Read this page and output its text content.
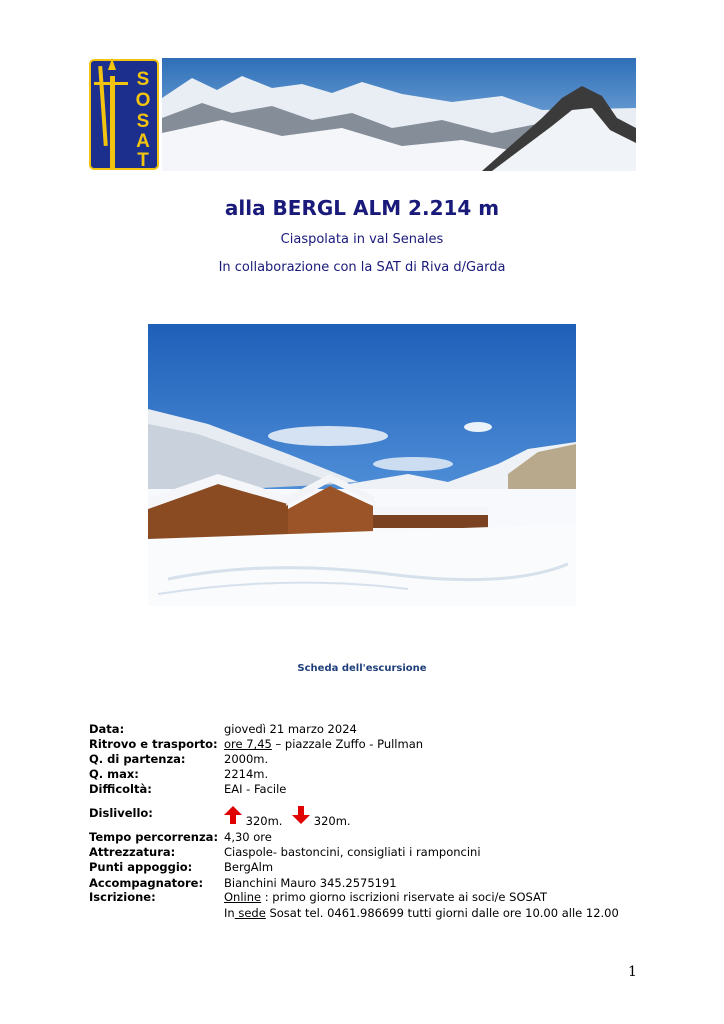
S
O
S
A
T
alla BERGL ALM 2.214 m
Ciaspolata in val Senales
In collaborazione con la SAT di Riva d/Garda
Scheda dell'escursione
Data:	giovedì 21 marzo 2024
Ritrovo e trasporto: ore 7,45 – piazzale Zuffo - Pullman
Q. di partenza:	2000m.
Q. max:	2214m.
Difficoltà:	EAI - Facile
Dislivello:
320m.	320m.
Tempo percorrenza: 4,30 ore
Attrezzatura:	Ciaspole- bastoncini, consigliati i ramponcini
Punti appoggio:	BergAlm
Accompagnatore: Bianchini Mauro 345.2575191
Iscrizione:	Online : primo giorno iscrizioni riservate ai soci/e SOSAT
In sede Sosat tel. 0461.986699 tutti giorni dalle ore 10.00 alle 12.00
1
